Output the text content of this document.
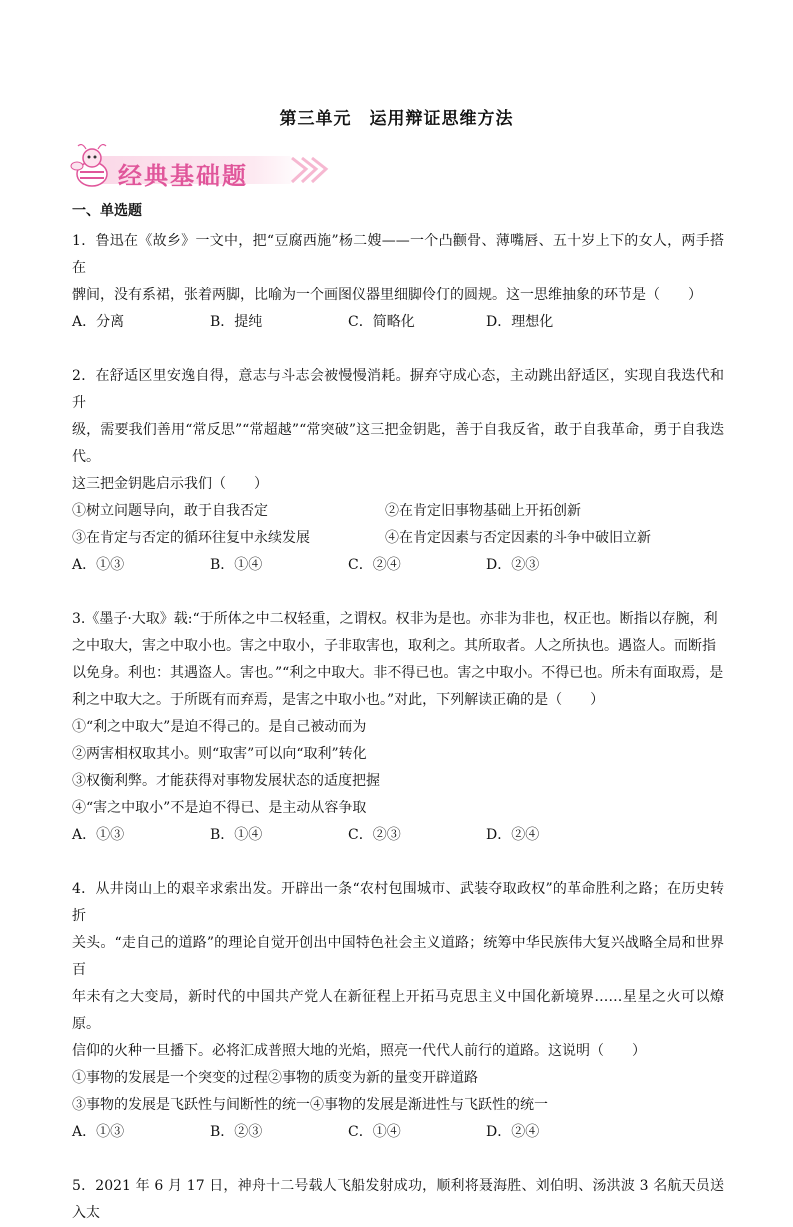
第三单元　运用辩证思维方法
经典基础题
一、单选题

1．鲁迅在《故乡》一文中，把“豆腐西施”杨二嫂——一个凸颧骨、薄嘴唇、五十岁上下的女人，两手搭在

髀间，没有系裙，张着两脚，比喻为一个画图仪器里细脚伶仃的圆规。这一思维抽象的环节是（　　）

A．分离	B．提纯	C．简略化	D．理想化

2．在舒适区里安逸自得，意志与斗志会被慢慢消耗。摒弃守成心态，主动跳出舒适区，实现自我迭代和升

级，需要我们善用“常反思”“常超越”“常突破”这三把金钥匙，善于自我反省，敢于自我革命，勇于自我迭代。

这三把金钥匙启示我们（　　）

①树立问题导向，敢于自我否定	②在肯定旧事物基础上开拓创新
③在肯定与否定的循环往复中永续发展	④在肯定因素与否定因素的斗争中破旧立新
A．①③	B．①④	C．②④	D．②③

3.《墨子·大取》载:“于所体之中二权轻重，之谓权。权非为是也。亦非为非也，权正也。断指以存腕，利

之中取大，害之中取小也。害之中取小，子非取害也，取利之。其所取者。人之所执也。遇盗人。而断指

以免身。利也：其遇盗人。害也。”“利之中取大。非不得已也。害之中取小。不得已也。所未有面取焉，是

利之中取大之。于所既有而弃焉，是害之中取小也。”对此，下列解读正确的是（　　）

①“利之中取大”是迫不得己的。是自己被动而为

②两害相权取其小。则“取害”可以向“取利”转化

③权衡利弊。才能获得对事物发展状态的适度把握

④“害之中取小”不是迫不得已、是主动从容争取

A．①③	B．①④	C．②③	D．②④

4．从井岗山上的艰辛求索出发。开辟出一条“农村包围城市、武装夺取政权”的革命胜利之路；在历史转折

关头。“走自己的道路”的理论自觉开创出中国特色社会主义道路；统筹中华民族伟大复兴战略全局和世界百

年未有之大变局，新时代的中国共产党人在新征程上开拓马克思主义中国化新境界……星星之火可以燎原。

信仰的火种一旦播下。必将汇成普照大地的光焰，照亮一代代人前行的道路。这说明（　　）

①事物的发展是一个突变的过程②事物的质变为新的量变开辟道路

③事物的发展是飞跃性与间断性的统一④事物的发展是渐进性与飞跃性的统一

A．①③	B．②③	C．①④	D．②④

5．2021 年 6 月 17 日，神舟十二号载人飞船发射成功，顺利将聂海胜、刘伯明、汤洪波 3 名航天员送入太
